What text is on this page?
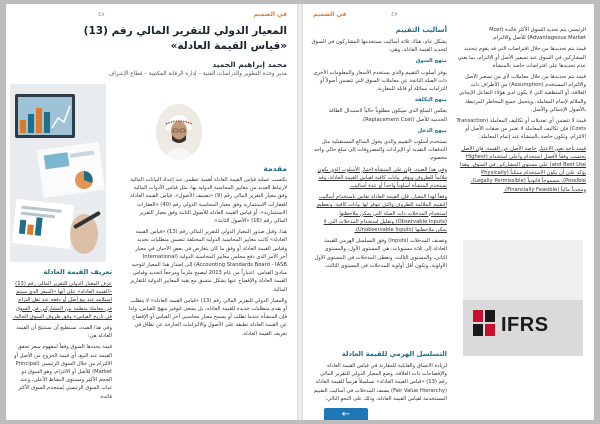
في الصميم
٤٨
المعيار الدولي للتقرير المالي رقم (13)
«قياس القيمة العادلة»
محمد إبراهيم الحميد
مدير وحدة التطوير والدراسات الفنية – إدارة الرقابة المكتبية – قطاع الإشراف
مقدمة

تكتسب عملية قياس القيمة العادلة أهمية عظمى عند إعداد البيانات المالية لارتباط العديد من معايير المحاسبة الدولية بها، مثل قياس الأدوات المالية وفق معيار التقرير المالي رقم (9) «تصنيف الأصول»، قياس القيمة العادلة للعقارات الاستثمارية وفق معيار المحاسبة الدولي رقم (40) «العقارات الاستثمارية»، أو قياس القيمة العادلة للأصول الثابتة وفق معيار التقرير المالي رقم (16) «الأصول الثابتة».

هذا، وقبل صدور المعيار الدولي للتقرير المالي رقم (13) «قياس القيمة العادلة» كانت معايير المحاسبة الدولية المختلفة تتضمن متطلبات تحديد وقياس القيمة العادلة أو وفق ما كان يتعارض في بعض الأحيان في معيار آخر الأمر الذي دفع مجلس معايير المحاسبة الدولية (International Accounting Standards Board - IASB) إلى إصدار هذا المعيار لتوحيد مبادئ القياس، اعتباراً من عام 2013 ليصبح ملزماً ومرجعاً لتحديد وقياس القيمة العادلة والإفصاح عنها بشكل متسق مع بقية المعايير الدولية للتقارير المالية.

والمعيار الدولي للتقرير المالي رقم (13) «قياس القيمة العادلة» لا يتطلب أو يقدم متطلبات جديدة للقيمة العادلة، بل يسعى لتوفير منهج للقياس، ولذا فإن المنشأة عندما تطلب أو يسمح معيار محاسبي آخر القياس أو الإفصاح عن القيمة العادلة تطبقه على الأصول والالتزامات الخارجة عن نطاق في تعريف القيمة العادلة.

تعريف القيمة العادلة

عرف المعيار الدولي للتقرير المالي رقم (13) «القيمة العادلة» على أنها «السعر الذي سيتم استلامه عند بيع أصل أو دفعه عند نقل التزام في معاملة منظمة بين المشاركين في السوق في تاريخ القياس» وفق ظروف السوق الحالية.

وفي هذا الصدد، تستطيع أن نستنتج أن القيمة العادلة هي:

قيمة يحددها السوق وفقاً لمفهوم سعر تحقق القيمة عند البيع، أي قيمة الخروج من الأصل أو الالتزام من خلال السوق الرئيسي (Principal Market) للأصل أو الالتزام، وهو السوق ذو الحجم الأكبر ومستوى النشاط الأعلى، وعند غياب السوق الرئيسي يُستخدم السوق الأكثر فائدة.

في الصميم	٤٧

الرئيسي يتم تحديد السوق الأكثر فائدة (Most Advantageous Market) للأصل والالتزام.

قيمة يتم تحديدها من خلال افتراضات التي قد يقوم بتحديد المشاركين في السوق عند تسعير الأصل أو الالتزام، بما يعني عدم تحديدها على افتراضات خاصة بالمنشأة.

قيمة يتم تحديدها من خلال معاملات لأي من تسعير الأصل والالتزام المستخدم (Assumption) من الأطراف ذات العلاقة، أو المنطقية التي لا يكون لدى هؤلاء التفاعل الإيجابي والملائم لإتمام المعاملة، ويتحمل جميع المخاطر المرتبطة بالأصول الإجمالي والأصل.

قيمة لا تتضمن أي تعديلات أو تكاليف المعاملة (Transaction Costs) فإن تكاليف المعاملة لا تعتبر من صفات الأصل أو الالتزام، وتكون خاصة بالمنشأة عند إتمام المعاملة.

قيمة تأخذ بعين الاعتبار خاصة الأصل عن القيمة، فإن الأصل يحتسب وفقاً لأفضل استخدام وأعلى استخدام (Highest and Best Use) على مستوى المشاركين في السوق، وهذا يؤكد على أن يكون الاستخدام ممكناً (Physically Possible)، مسموحاً قانونياً (Legally Permissible)، ومجدياً مالياً (Financially Feasible).

أساليب التقييم

يشكل عام، هناك ثلاثة أساليب يستخدمها المشاركون في السوق لتحديد القيمة العادلة، وهي:

منهج السوق

يوفر أسلوب التقييم والذي يستخدم الأسعار والمعلومات الأخرى ذات الصلة الناتجة عن معاملات السوق التي تتضمن أصولاً أو التزامات مماثلة أو قابلة للمقارنة.

منهج التكلفة

يعكس المبلغ الذي سيكون مطلوباً حالياً لاستبدال الطاقة الخدمية للأصل (Replacement Cost).

منهج الدخل

يستخدم أسلوب التقييم والذي يحول المبالغ المستقبلية مثل التدفقات النقدية أو الإيرادات والمصروفات إلى مبلغ حالي واحد مخصوم.

وفي هذا الصدد، فإن على المنشأة اختيار الأسلوب الذي يكون ملائماً للظروف ويوفر بيانات كافية لقياس القيمة العادلة، وقد تستخدم المنشأة أسلوباً واحداً أو عدة أساليب.

وفقاً لهذا المعيار، فإن القيمة العادلة تقاس باستخدام أساليب التقييم الملائمة للظروف والتي تتوفر لها بيانات كافية، وتعظيم استخدام المدخلات ذات الصلة التي يمكن ملاحظتها (Observable Inputs) وتقليل استخدام المدخلات التي لا يمكن ملاحظتها (Unobservable Inputs).

وتصنف المدخلات (Inputs) وفق التسلسل الهرمي للقيمة العادلة إلى ثلاثة مستويات، هي المستوى الأول، والمستوى الثاني، والمستوى الثالث، وتعطى المدخلات في المستوى الأول الأولوية، وتكون أقل أولوية للمدخلات في المستوى الثالث.

التسلسل الهرمي للقيمة العادلة
لزيادة الاتساق والقابلية للمقارنة في قياس القيمة العادلة والإفصاحات ذات العلاقة، وضع المعيار الدولي للتقرير المالي رقم (13) «قياس القيمة العادلة» تسلسلاً هرمياً للقيمة العادلة (Fair Value Hierarchy) يصنف المدخلات في أساليب التقييم المستخدمة لقياس القيمة العادلة، وذلك على النحو التالي:
IFRS
←
